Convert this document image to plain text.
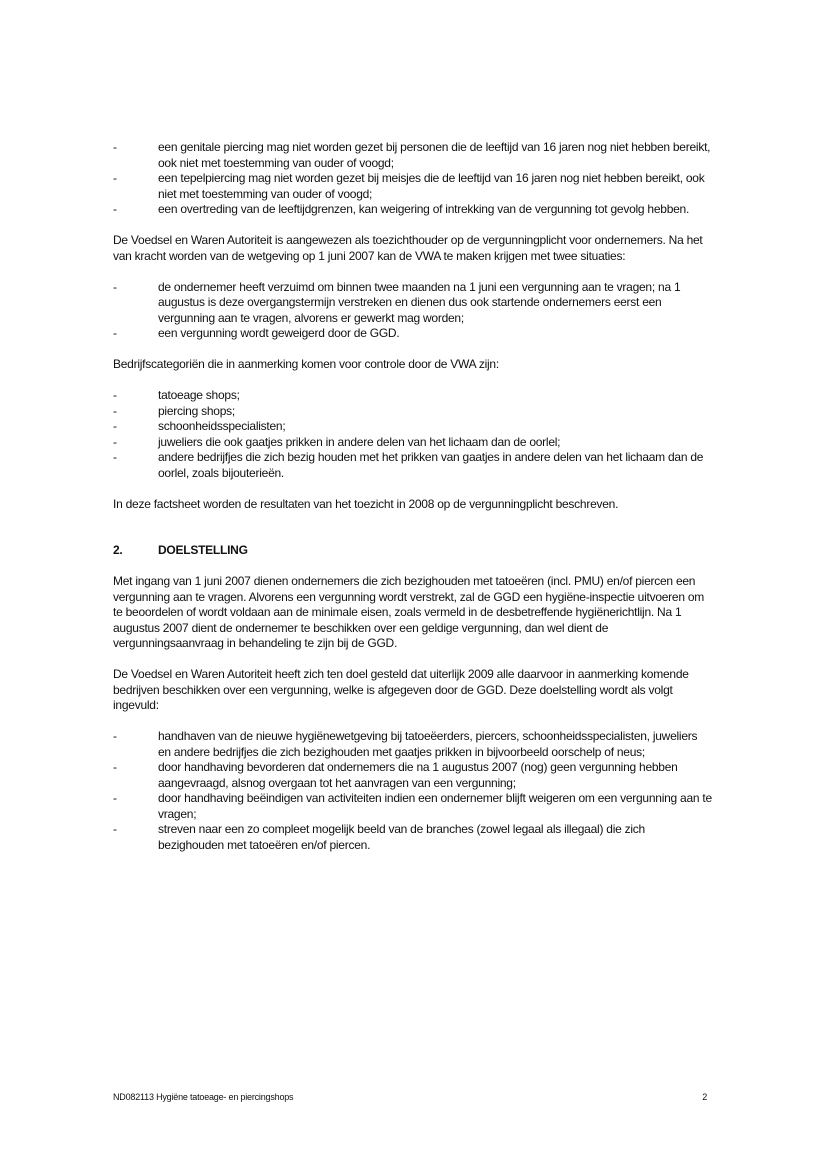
- een genitale piercing mag niet worden gezet bij personen die de leeftijd van 16 jaren nog niet hebben bereikt, ook niet met toestemming van ouder of voogd;
- een tepelpiercing mag niet worden gezet bij meisjes die de leeftijd van 16 jaren nog niet hebben bereikt, ook niet met toestemming van ouder of voogd;
- een overtreding van de leeftijdgrenzen, kan weigering of intrekking van de vergunning tot gevolg hebben.

De Voedsel en Waren Autoriteit is aangewezen als toezichthouder op de vergunningplicht voor ondernemers. Na het van kracht worden van de wetgeving op 1 juni 2007 kan de VWA te maken krijgen met twee situaties:

- de ondernemer heeft verzuimd om binnen twee maanden na 1 juni een vergunning aan te vragen; na 1 augustus is deze overgangstermijn verstreken en dienen dus ook startende ondernemers eerst een vergunning aan te vragen, alvorens er gewerkt mag worden;
- een vergunning wordt geweigerd door de GGD.

Bedrijfscategoriën die in aanmerking komen voor controle door de VWA zijn:

- tatoeage shops;
- piercing shops;
- schoonheidsspecialisten;
- juweliers die ook gaatjes prikken in andere delen van het lichaam dan de oorlel;
- andere bedrijfjes die zich bezig houden met het prikken van gaatjes in andere delen van het lichaam dan de oorlel, zoals bijouterieën.

In deze factsheet worden de resultaten van het toezicht in 2008 op de vergunningplicht beschreven.

2.	DOELSTELLING

Met ingang van 1 juni 2007 dienen ondernemers die zich bezighouden met tatoeëren (incl. PMU) en/of piercen een vergunning aan te vragen. Alvorens een vergunning wordt verstrekt, zal de GGD een hygiëne-inspectie uitvoeren om te beoordelen of wordt voldaan aan de minimale eisen, zoals vermeld in de desbetreffende hygiënerichtlijn. Na 1 augustus 2007 dient de ondernemer te beschikken over een geldige vergunning, dan wel dient de vergunningsaanvraag in behandeling te zijn bij de GGD.

De Voedsel en Waren Autoriteit heeft zich ten doel gesteld dat uiterlijk 2009 alle daarvoor in aanmerking komende bedrijven beschikken over een vergunning, welke is afgegeven door de GGD. Deze doelstelling wordt als volgt ingevuld:

- handhaven van de nieuwe hygiënewetgeving bij tatoeëerders, piercers, schoonheidsspecialisten, juweliers en andere bedrijfjes die zich bezighouden met gaatjes prikken in bijvoorbeeld oorschelp of neus;
- door handhaving bevorderen dat ondernemers die na 1 augustus 2007 (nog) geen vergunning hebben aangevraagd, alsnog overgaan tot het aanvragen van een vergunning;
- door handhaving beëindigen van activiteiten indien een ondernemer blijft weigeren om een vergunning aan te vragen;
- streven naar een zo compleet mogelijk beeld van de branches (zowel legaal als illegaal) die zich bezighouden met tatoeëren en/of piercen.
ND082113 Hygiëne tatoeage- en piercingshops	2
